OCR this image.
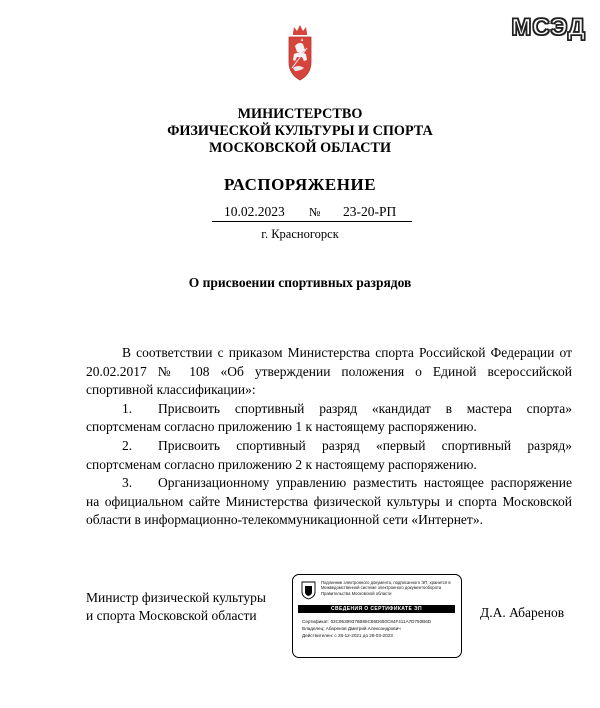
МСЭД
МИНИСТЕРСТВО
ФИЗИЧЕСКОЙ КУЛЬТУРЫ И СПОРТА
МОСКОВСКОЙ ОБЛАСТИ
РАСПОРЯЖЕНИЕ
10.02.2023 № 23-20-РП
г. Красногорск
О присвоении спортивных разрядов

В соответствии с приказом Министерства спорта Российской Федерации от 20.02.2017 № 108 «Об утверждении положения о Единой всероссийской спортивной классификации»:

1. Присвоить спортивный разряд «кандидат в мастера спорта» спортсменам согласно приложению 1 к настоящему распоряжению.

2. Присвоить спортивный разряд «первый спортивный разряд» спортсменам согласно приложению 2 к настоящему распоряжению.

3. Организационному управлению разместить настоящее распоряжение на официальном сайте Министерства физической культуры и спорта Московской области в информационно-телекоммуникационной сети «Интернет».

Министр физической культуры
и спорта Московской области
Подлинник электронного документа, подписанного ЭП, хранится в Межведомственной системе электронного документооборота Правительства Московской области
СВЕДЕНИЯ О СЕРТИФИКАТЕ ЭП
Сертификат: 02C95399376B85C86D650C84F411A7D750B6D
Владелец: Абаренов Дмитрий Александрович
Действителен: с 28-12-2021 до 28-03-2023
Д.А. Абаренов
